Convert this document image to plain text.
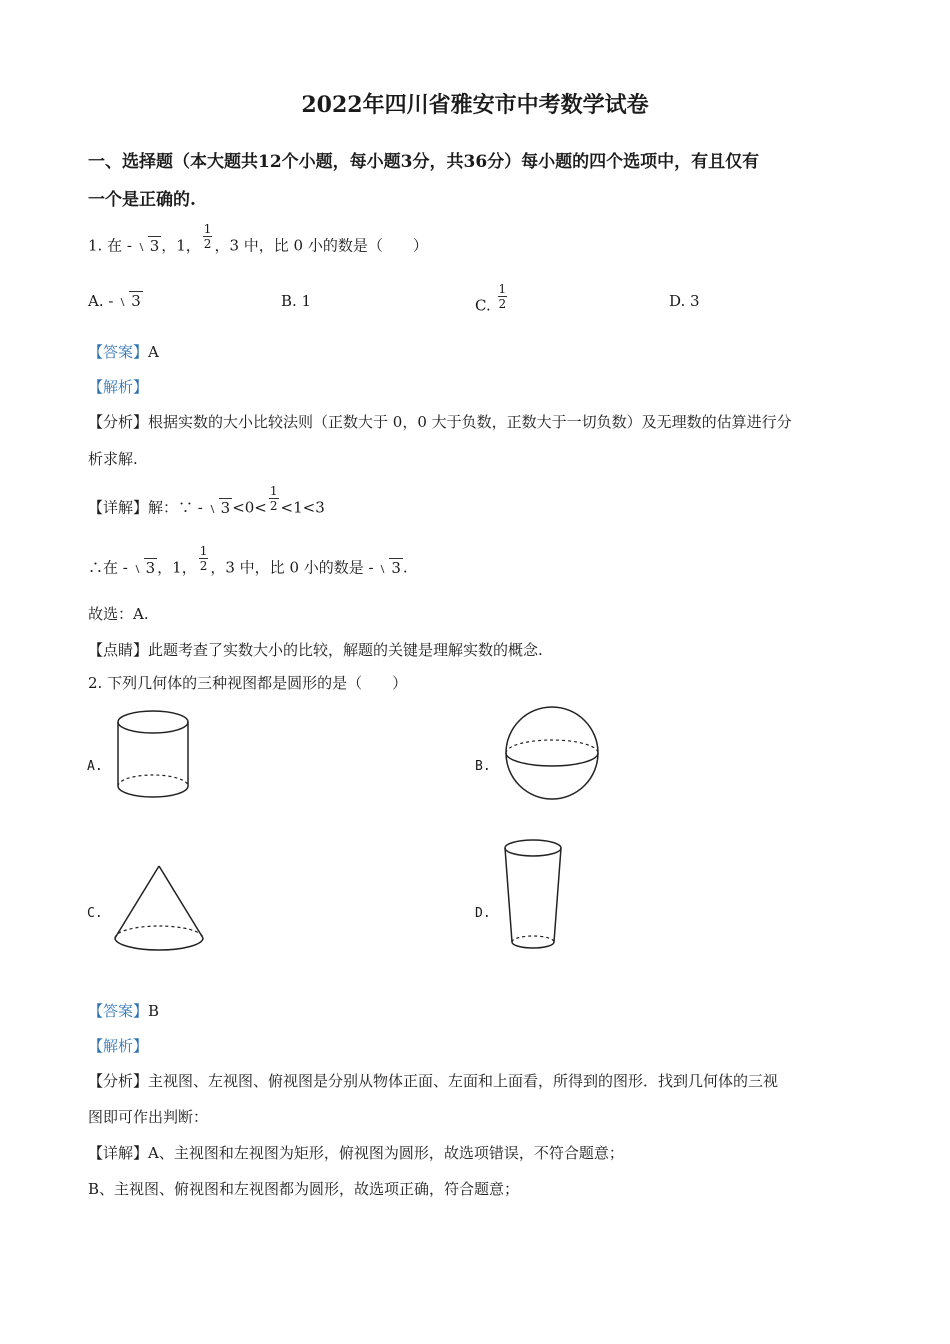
2022年四川省雅安市中考数学试卷
一、选择题（本大题共12个小题，每小题3分，共36分）每小题的四个选项中，有且仅有
一个是正确的.
1. 在 - 3 ，1， $\frac{1}{2}$ ，3 中，比 0 小的数是（　　）
A. - 3	B. 1	C. $\frac{1}{2}$	D. 3
【答案】A
【解析】
【分析】根据实数的大小比较法则（正数大于 0，0 大于负数，正数大于一切负数）及无理数的估算进行分
析求解.
【详解】解：∵ - $3 <0< \frac{1}{2} <1<3$
∴在 - 3 ，1， $\frac{1}{2}$ ，3 中，比 0 小的数是 - 3 .
故选：A.
【点睛】此题考查了实数大小的比较，解题的关键是理解实数的概念.
2. 下列几何体的三种视图都是圆形的是（　　）
A.	B.
C.	D.
【答案】B
【解析】
【分析】主视图、左视图、俯视图是分别从物体正面、左面和上面看，所得到的图形．找到几何体的三视
图即可作出判断：
【详解】A、主视图和左视图为矩形，俯视图为圆形，故选项错误，不符合题意；
B、主视图、俯视图和左视图都为圆形，故选项正确，符合题意；
